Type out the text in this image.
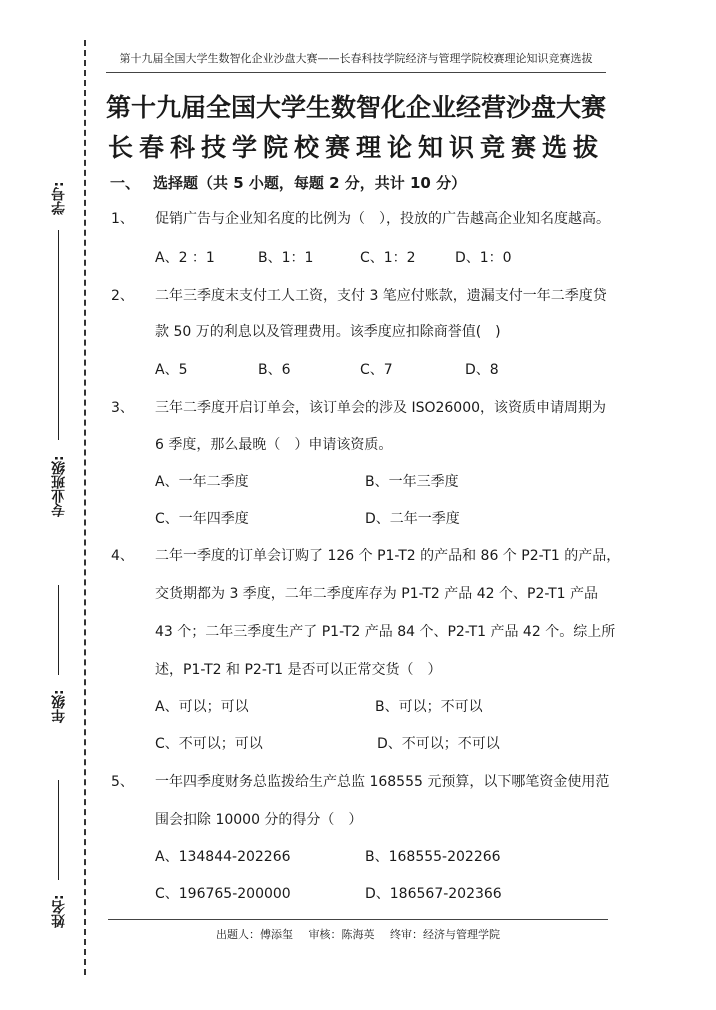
学号:
专业班级:
年级:
姓名:
第十九届全国大学生数智化企业沙盘大赛——长春科技学院经济与管理学院校赛理论知识竞赛选拔
第十九届全国大学生数智化企业经营沙盘大赛
长春科技学院校赛理论知识竞赛选拔
一、 选择题（共 5 小题，每题 2 分，共计 10 分）
1、 促销广告与企业知名度的比例为（　），投放的广告越高企业知名度越高。
A、2 ：1	B、1：1	C、1：2	D、1：0
2、 二年三季度末支付工人工资，支付 3 笔应付账款，遗漏支付一年二季度贷
款 50 万的利息以及管理费用。该季度应扣除商誉值(　)
A、5	B、6	C、7	D、8
3、 三年二季度开启订单会，该订单会的涉及 ISO26000，该资质申请周期为
6 季度，那么最晚（　）申请该资质。
A、一年二季度	B、一年三季度
C、一年四季度	D、二年一季度
4、 二年一季度的订单会订购了 126 个 P1-T2 的产品和 86 个 P2-T1 的产品，
交货期都为 3 季度，二年二季度库存为 P1-T2 产品 42 个、P2-T1 产品
43 个；二年三季度生产了 P1-T2 产品 84 个、P2-T1 产品 42 个。综上所
述，P1-T2 和 P2-T1 是否可以正常交货（　）
A、可以；可以	B、可以；不可以
C、不可以；可以	D、不可以；不可以
5、 一年四季度财务总监拨给生产总监 168555 元预算，以下哪笔资金使用范
围会扣除 10000 分的得分（　）
A、134844-202266	B、168555-202266
C、196765-200000	D、186567-202366
出题人：傅添玺 审核：陈海英 终审：经济与管理学院
